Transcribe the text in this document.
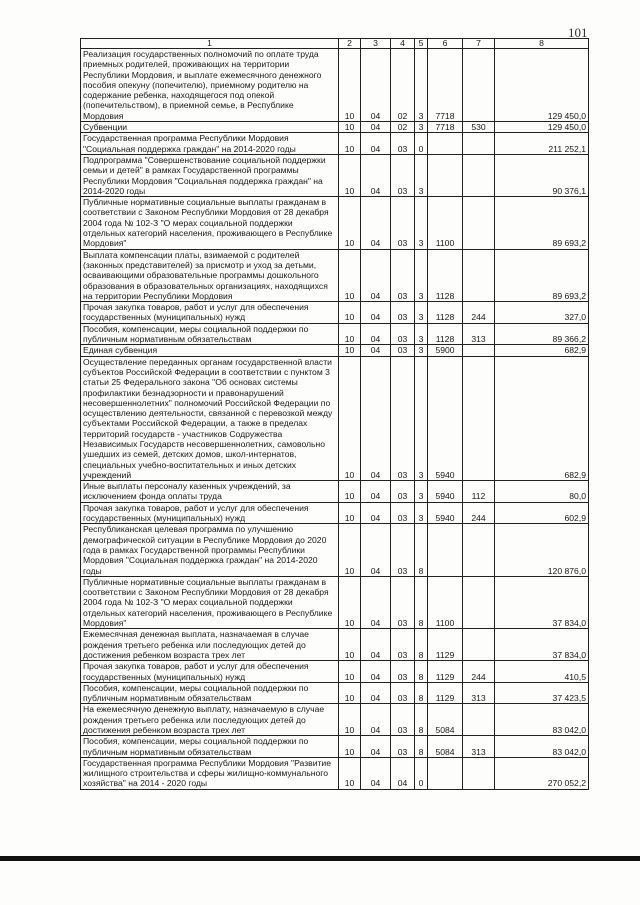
101
1	2	3	4	5	6	7	8
Реализация государственных полномочий по оплате труда приемных родителей, проживающих на территории Республики Мордовия, и выплате ежемесячного денежного пособия опекуну (попечителю), приемному родителю на содержание ребенка, находящегося под опекой (попечительством), в приемной семье, в Республике Мордовия	10	04	02	3	7718		129 450,0
Субвенции	10	04	02	3	7718	530	129 450,0
Государственная программа Республики Мордовия "Социальная поддержка граждан" на 2014-2020 годы	10	04	03	0			211 252,1
Подпрограмма "Совершенствование социальной поддержки семьи и детей" в рамках Государственной программы Республики Мордовия "Социальная поддержка граждан" на 2014-2020 годы	10	04	03	3			90 376,1
Публичные нормативные социальные выплаты гражданам в соответствии с Законом Республики Мордовия от 28 декабря 2004 года № 102-З "О мерах социальной поддержки отдельных категорий населения, проживающего в Республике Мордовия"	10	04	03	3	1100		89 693,2
Выплата компенсации платы, взимаемой с родителей (законных представителей) за присмотр и уход за детьми, осваивающими образовательные программы дошкольного образования в образовательных организациях, находящихся на территории Республики Мордовия	10	04	03	3	1128		89 693,2
Прочая закупка товаров, работ и услуг для обеспечения государственных (муниципальных) нужд	10	04	03	3	1128	244	327,0
Пособия, компенсации, меры социальной поддержки по публичным нормативным обязательствам	10	04	03	3	1128	313	89 366,2
Единая субвенция	10	04	03	3	5900		682,9
Осуществление переданных органам государственной власти субъектов Российской Федерации в соответствии с пунктом 3 статьи 25 Федерального закона "Об основах системы профилактики безнадзорности и правонарушений несовершеннолетних" полномочий Российской Федерации по осуществлению деятельности, связанной с перевозкой между субъектами Российской Федерации, а также в пределах территорий государств - участников Содружества Независимых Государств несовершеннолетних, самовольно ушедших из семей, детских домов, школ-интернатов, специальных учебно-воспитательных и иных детских учреждений	10	04	03	3	5940		682,9
Иные выплаты персоналу казенных учреждений, за исключением фонда оплаты труда	10	04	03	3	5940	112	80,0
Прочая закупка товаров, работ и услуг для обеспечения государственных (муниципальных) нужд	10	04	03	3	5940	244	602,9
Республиканская целевая программа по улучшению демографической ситуации в Республике Мордовия до 2020 года в рамках Государственной программы Республики Мордовия "Социальная поддержка граждан" на 2014-2020 годы	10	04	03	8			120 876,0
Публичные нормативные социальные выплаты гражданам в соответствии с Законом Республики Мордовия от 28 декабря 2004 года № 102-З "О мерах социальной поддержки отдельных категорий населения, проживающего в Республике Мордовия"	10	04	03	8	1100		37 834,0
Ежемесячная денежная выплата, назначаемая в случае рождения третьего ребенка или последующих детей до достижения ребенком возраста трех лет	10	04	03	8	1129		37 834,0
Прочая закупка товаров, работ и услуг для обеспечения государственных (муниципальных) нужд	10	04	03	8	1129	244	410,5
Пособия, компенсации, меры социальной поддержки по публичным нормативным обязательствам	10	04	03	8	1129	313	37 423,5
На ежемесячную денежную выплату, назначаемую в случае рождения третьего ребенка или последующих детей до достижения ребенком возраста трех лет	10	04	03	8	5084		83 042,0
Пособия, компенсации, меры социальной поддержки по публичным нормативным обязательствам	10	04	03	8	5084	313	83 042,0
Государственная программа Республики Мордовия "Развитие жилищного строительства и сферы жилищно-коммунального хозяйства" на 2014 - 2020 годы	10	04	04	0			270 052,2
